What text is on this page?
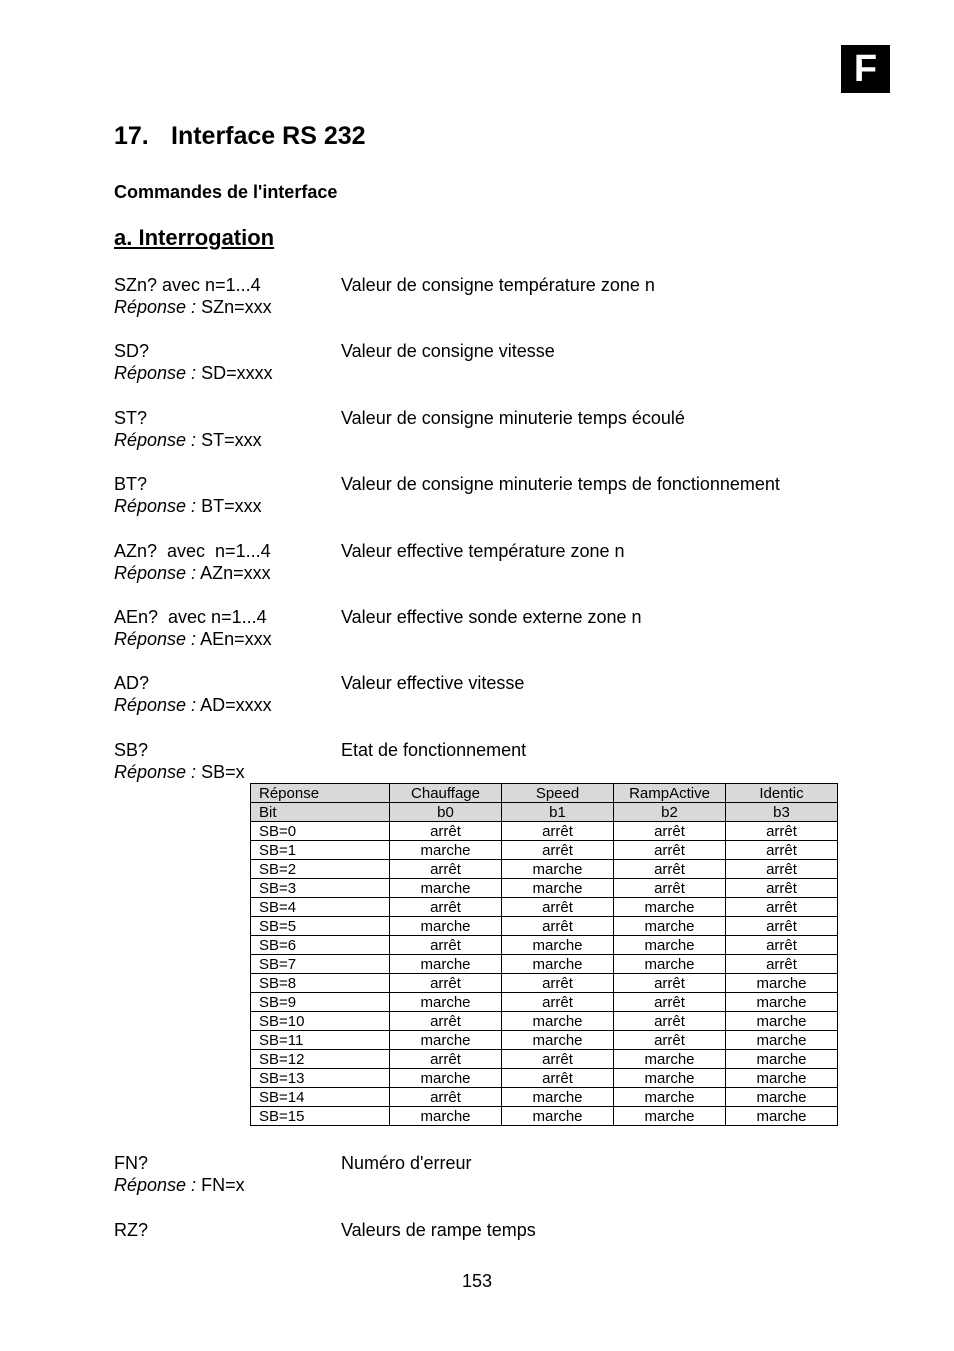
F
17. Interface RS 232
Commandes de l'interface
a. Interrogation
SZn? avec n=1...4	Valeur de consigne température zone n
Réponse : SZn=xxx
SD?	Valeur de consigne vitesse
Réponse : SD=xxxx
ST?	Valeur de consigne minuterie temps écoulé
Réponse : ST=xxx
BT?	Valeur de consigne minuterie temps de fonctionnement
Réponse : BT=xxx
AZn?  avec  n=1...4	Valeur effective température zone n
Réponse : AZn=xxx
AEn?  avec n=1...4	Valeur effective sonde externe zone n
Réponse : AEn=xxx
AD?	Valeur effective vitesse
Réponse : AD=xxxx
SB?	Etat de fonctionnement
Réponse : SB=x
Réponse	Chauffage	Speed	RampActive	Identic
Bit	b0	b1	b2	b3
SB=0	arrêt	arrêt	arrêt	arrêt
SB=1	marche	arrêt	arrêt	arrêt
SB=2	arrêt	marche	arrêt	arrêt
SB=3	marche	marche	arrêt	arrêt
SB=4	arrêt	arrêt	marche	arrêt
SB=5	marche	arrêt	marche	arrêt
SB=6	arrêt	marche	marche	arrêt
SB=7	marche	marche	marche	arrêt
SB=8	arrêt	arrêt	arrêt	marche
SB=9	marche	arrêt	arrêt	marche
SB=10	arrêt	marche	arrêt	marche
SB=11	marche	marche	arrêt	marche
SB=12	arrêt	arrêt	marche	marche
SB=13	marche	arrêt	marche	marche
SB=14	arrêt	marche	marche	marche
SB=15	marche	marche	marche	marche
FN?	Numéro d'erreur
Réponse : FN=x
RZ?	Valeurs de rampe temps
153
